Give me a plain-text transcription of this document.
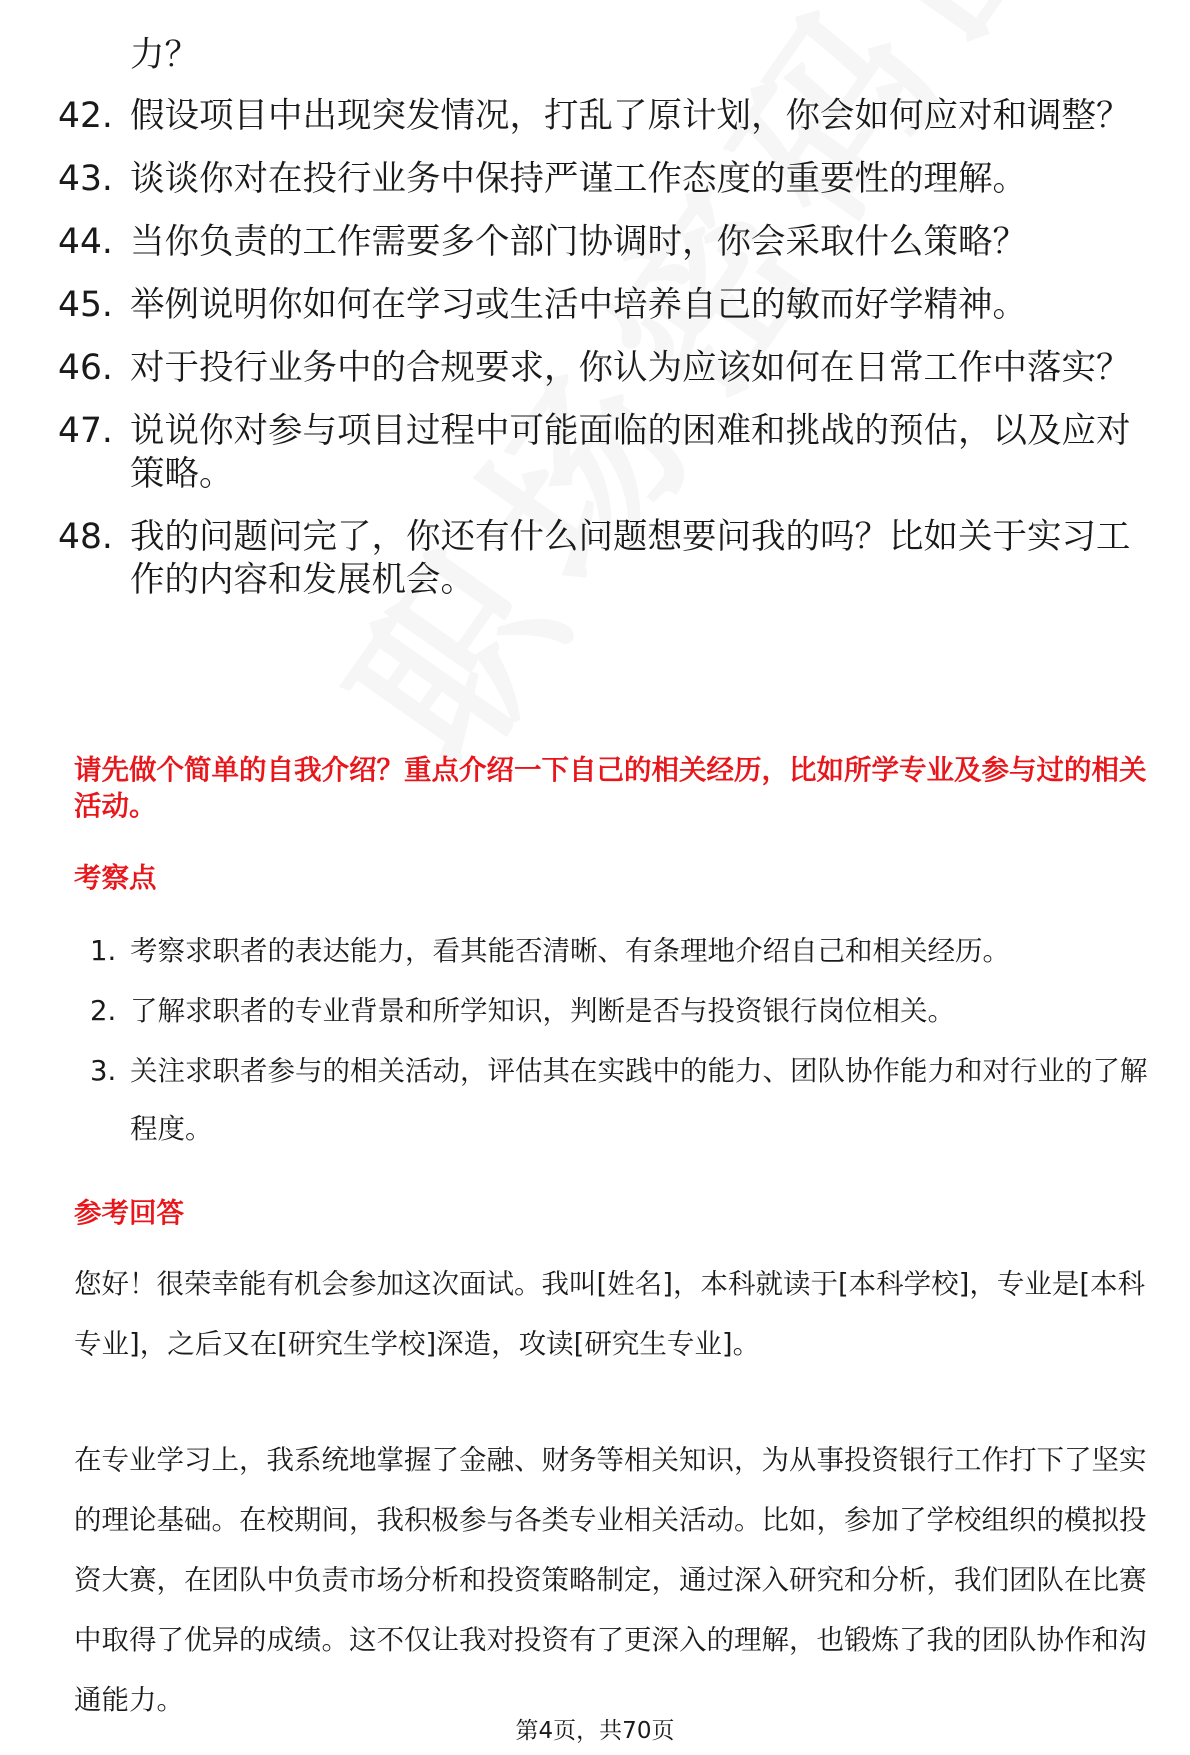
力？
42. 假设项目中出现突发情况，打乱了原计划，你会如何应对和调整？
43. 谈谈你对在投行业务中保持严谨工作态度的重要性的理解。
44. 当你负责的工作需要多个部门协调时，你会采取什么策略？
45. 举例说明你如何在学习或生活中培养自己的敏而好学精神。
46. 对于投行业务中的合规要求，你认为应该如何在日常工作中落实？
47. 说说你对参与项目过程中可能面临的困难和挑战的预估，以及应对策略。
48. 我的问题问完了，你还有什么问题想要问我的吗？比如关于实习工作的内容和发展机会。
请先做个简单的自我介绍？重点介绍一下自己的相关经历，比如所学专业及参与过的相关活动。
考察点
1. 考察求职者的表达能力，看其能否清晰、有条理地介绍自己和相关经历。
2. 了解求职者的专业背景和所学知识，判断是否与投资银行岗位相关。
3. 关注求职者参与的相关活动，评估其在实践中的能力、团队协作能力和对行业的了解程度。
参考回答
您好！很荣幸能有机会参加这次面试。我叫[姓名]，本科就读于[本科学校]，专业是[本科专业]，之后又在[研究生学校]深造，攻读[研究生专业]。
在专业学习上，我系统地掌握了金融、财务等相关知识，为从事投资银行工作打下了坚实的理论基础。在校期间，我积极参与各类专业相关活动。比如，参加了学校组织的模拟投资大赛，在团队中负责市场分析和投资策略制定，通过深入研究和分析，我们团队在比赛中取得了优异的成绩。这不仅让我对投资有了更深入的理解，也锻炼了我的团队协作和沟通能力。
第4页，共70页
